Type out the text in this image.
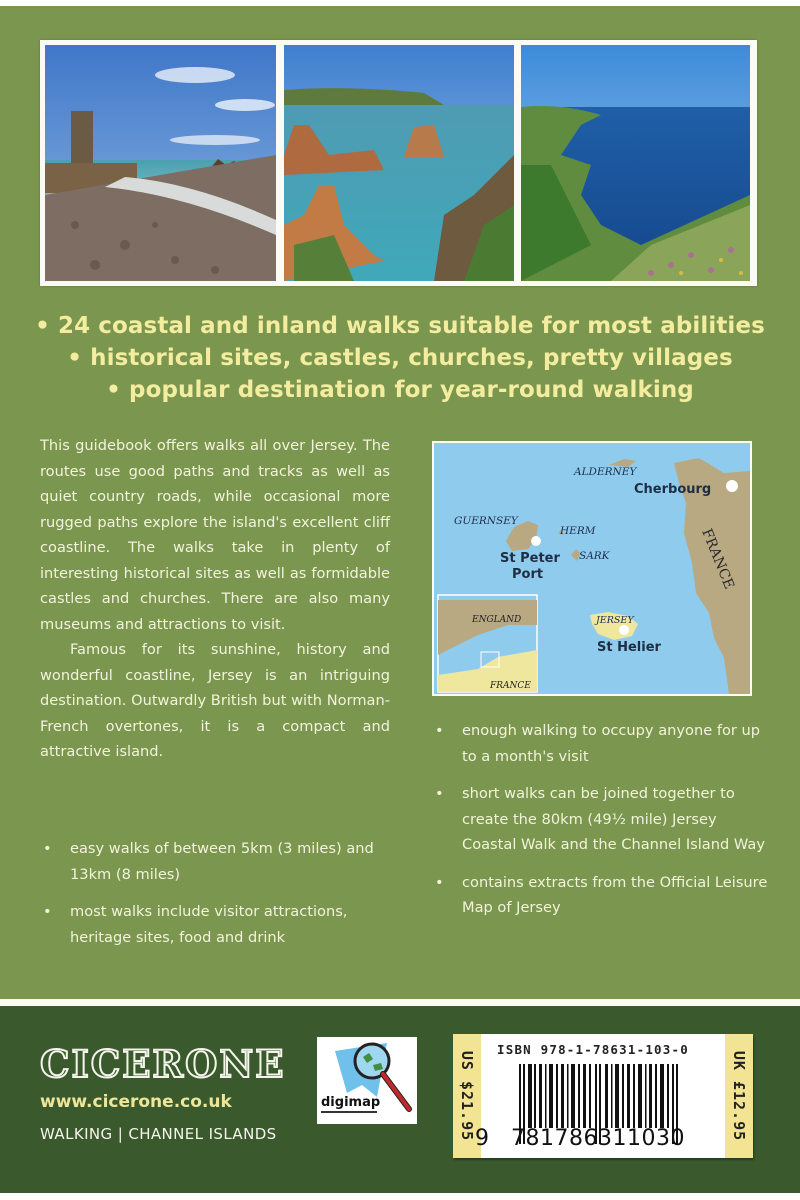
• 24 coastal and inland walks suitable for most abilities
• historical sites, castles, churches, pretty villages
• popular destination for year-round walking

This guidebook offers walks all over Jersey. The routes use good paths and tracks as well as quiet country roads, while occasional more rugged paths explore the island's excellent cliff coastline. The walks take in plenty of interesting historical sites as well as formidable castles and churches. There are also many museums and attractions to visit.

Famous for its sunshine, history and wonderful coastline, Jersey is an intriguing destination. Outwardly British but with Norman-French overtones, it is a compact and attractive island.

• easy walks of between 5km (3 miles) and 13km (8 miles)
• most walks include visitor attractions, heritage sites, food and drink
ALDERNEY
Cherbourg
GUERNSEY
HERM
SARK
St Peter
Port	FRANCE
JERSEY
St Helier
ENGLAND
FRANCE
• enough walking to occupy anyone for up to a month's visit
• short walks can be joined together to create the 80km (49½ mile) Jersey Coastal Walk and the Channel Island Way
• contains extracts from the Official Leisure Map of Jersey
CICERONE
www.cicerone.co.uk
WALKING | CHANNEL ISLANDS
digimap	US $21.95	UK £12.95
ISBN 978-1-78631-103-0
9 781786311030
